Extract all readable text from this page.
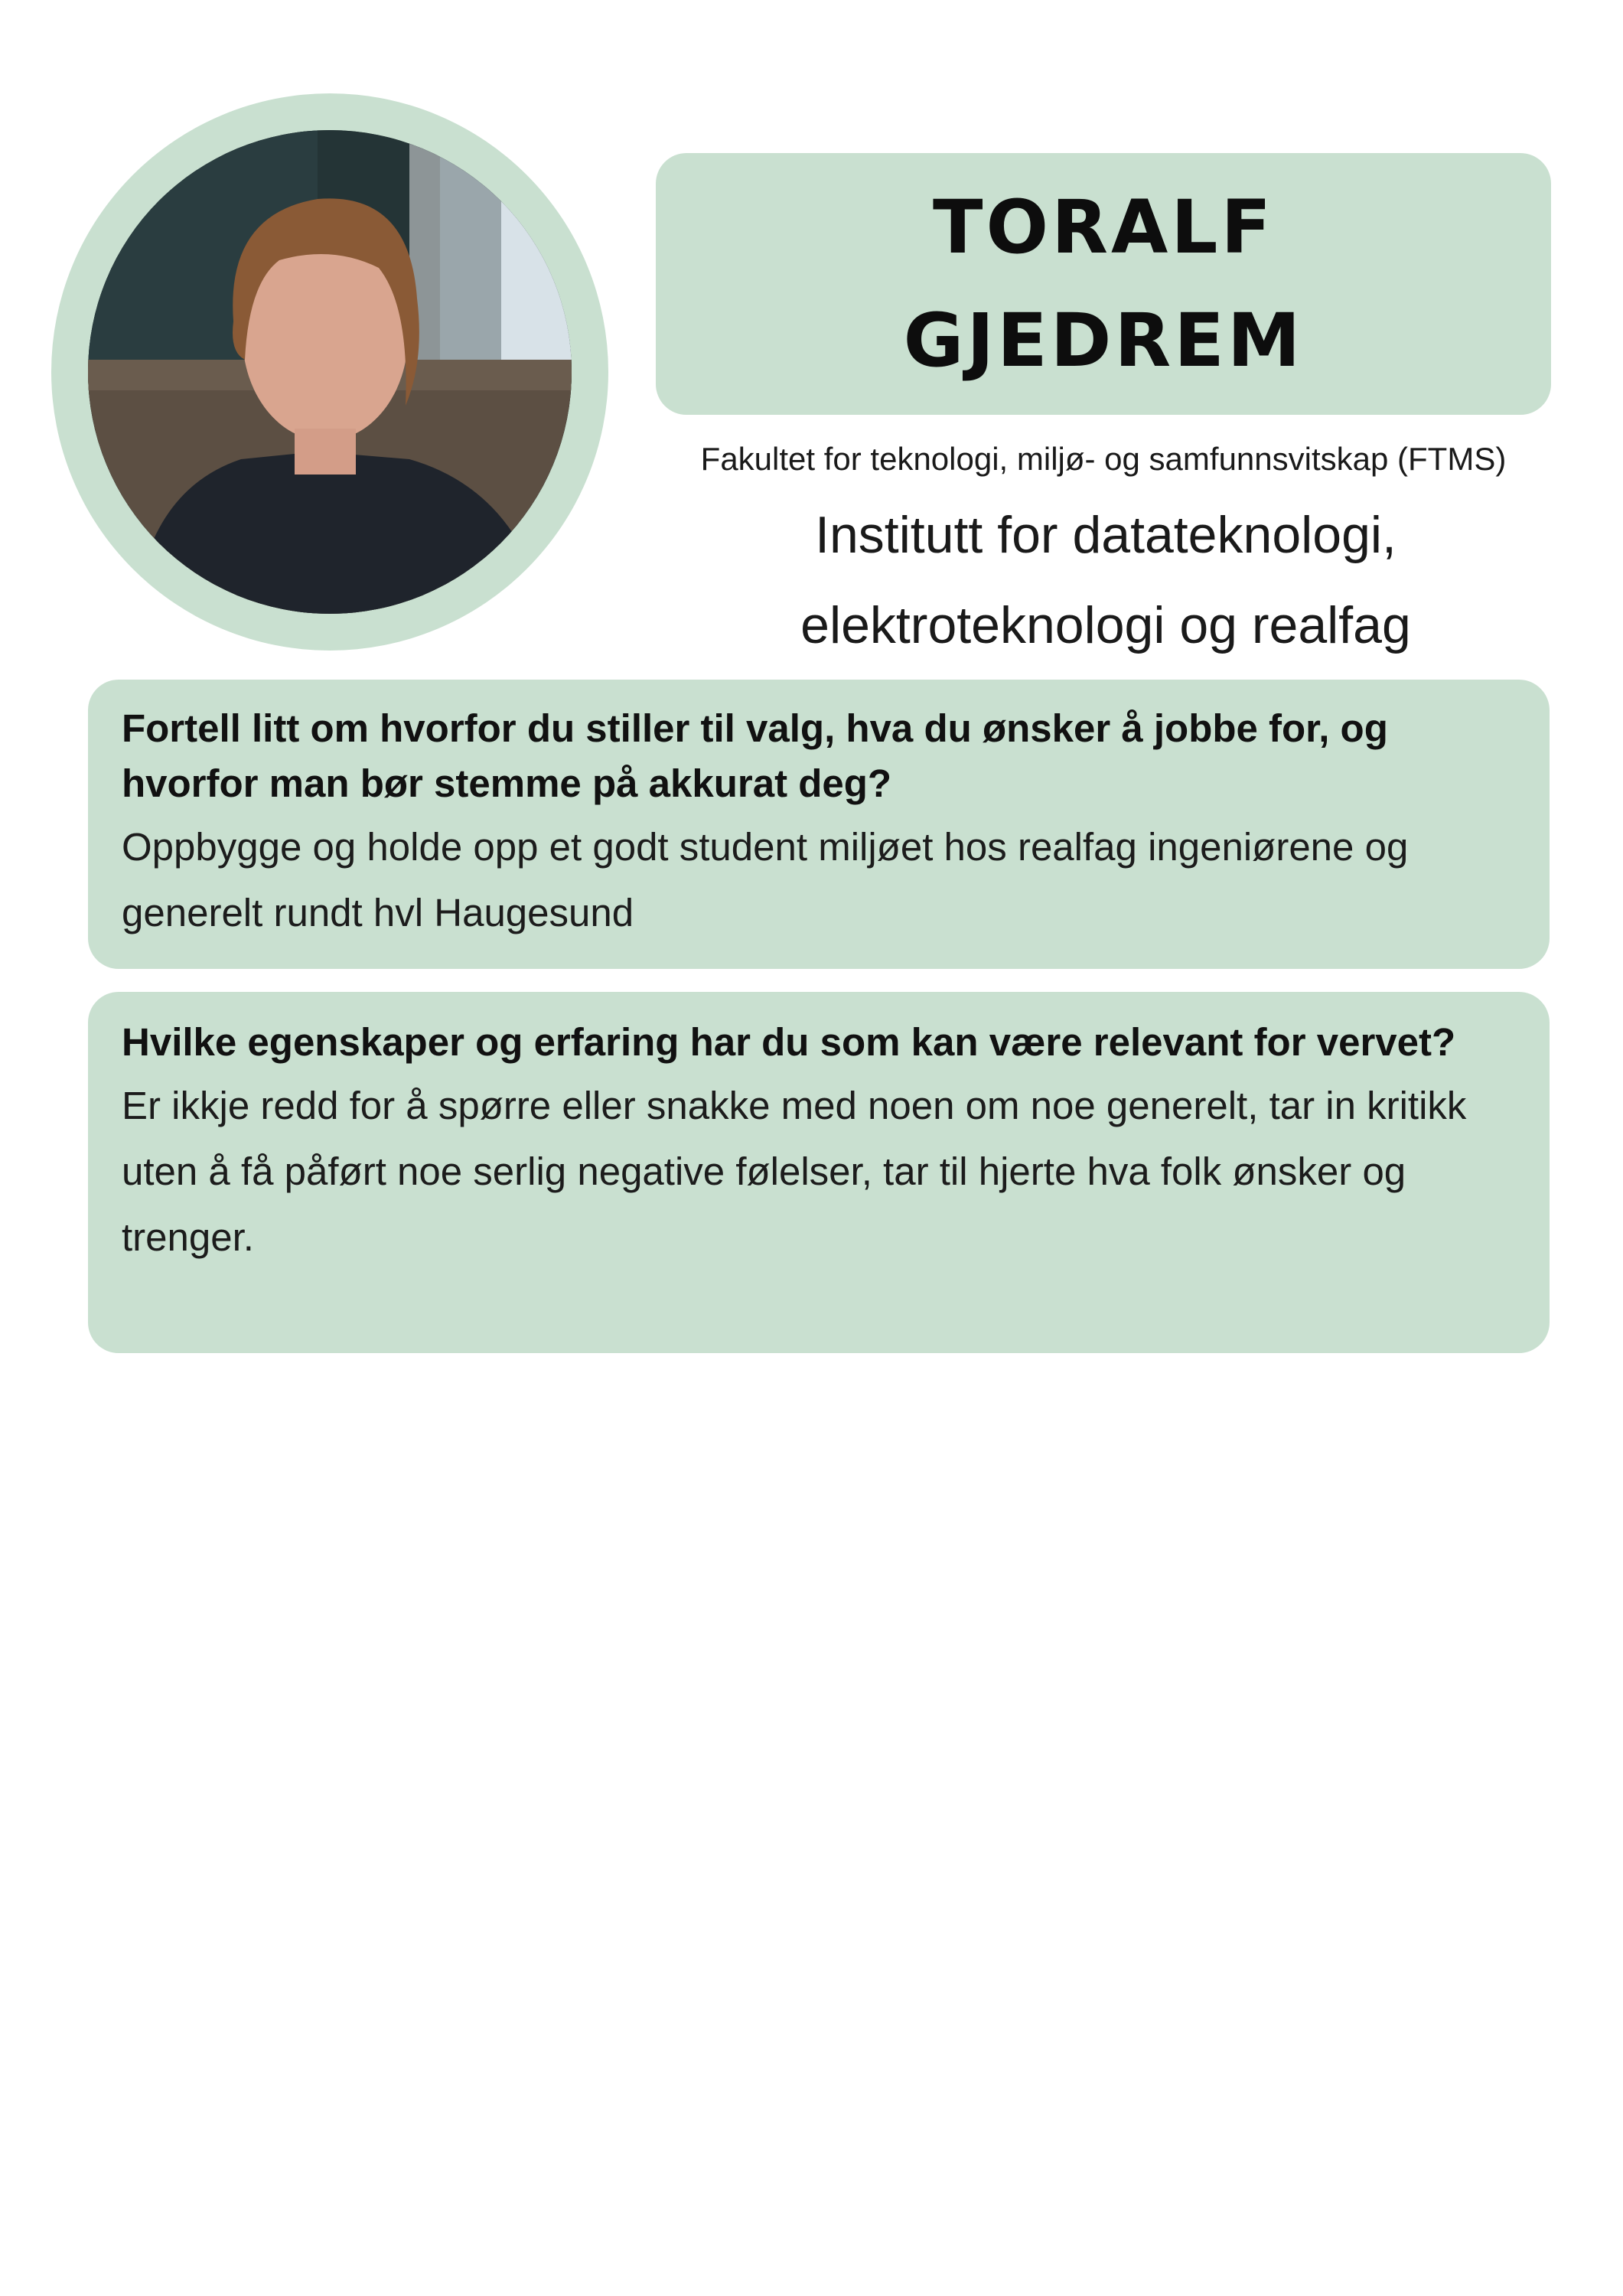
TORALF
GJEDREM
Fakultet for teknologi, miljø- og samfunnsvitskap (FTMS)
Institutt for datateknologi,
elektroteknologi og realfag
Fortell litt om hvorfor du stiller til valg, hva du ønsker å jobbe for, og hvorfor man bør stemme på akkurat deg?
Oppbygge og holde opp et godt student miljøet hos realfag ingeniørene og generelt rundt hvl Haugesund
Hvilke egenskaper og erfaring har du som kan være relevant for vervet?
Er ikkje redd for å spørre eller snakke med noen om noe generelt, tar in kritikk uten å få påført noe serlig negative følelser, tar til hjerte hva folk ønsker og trenger.
